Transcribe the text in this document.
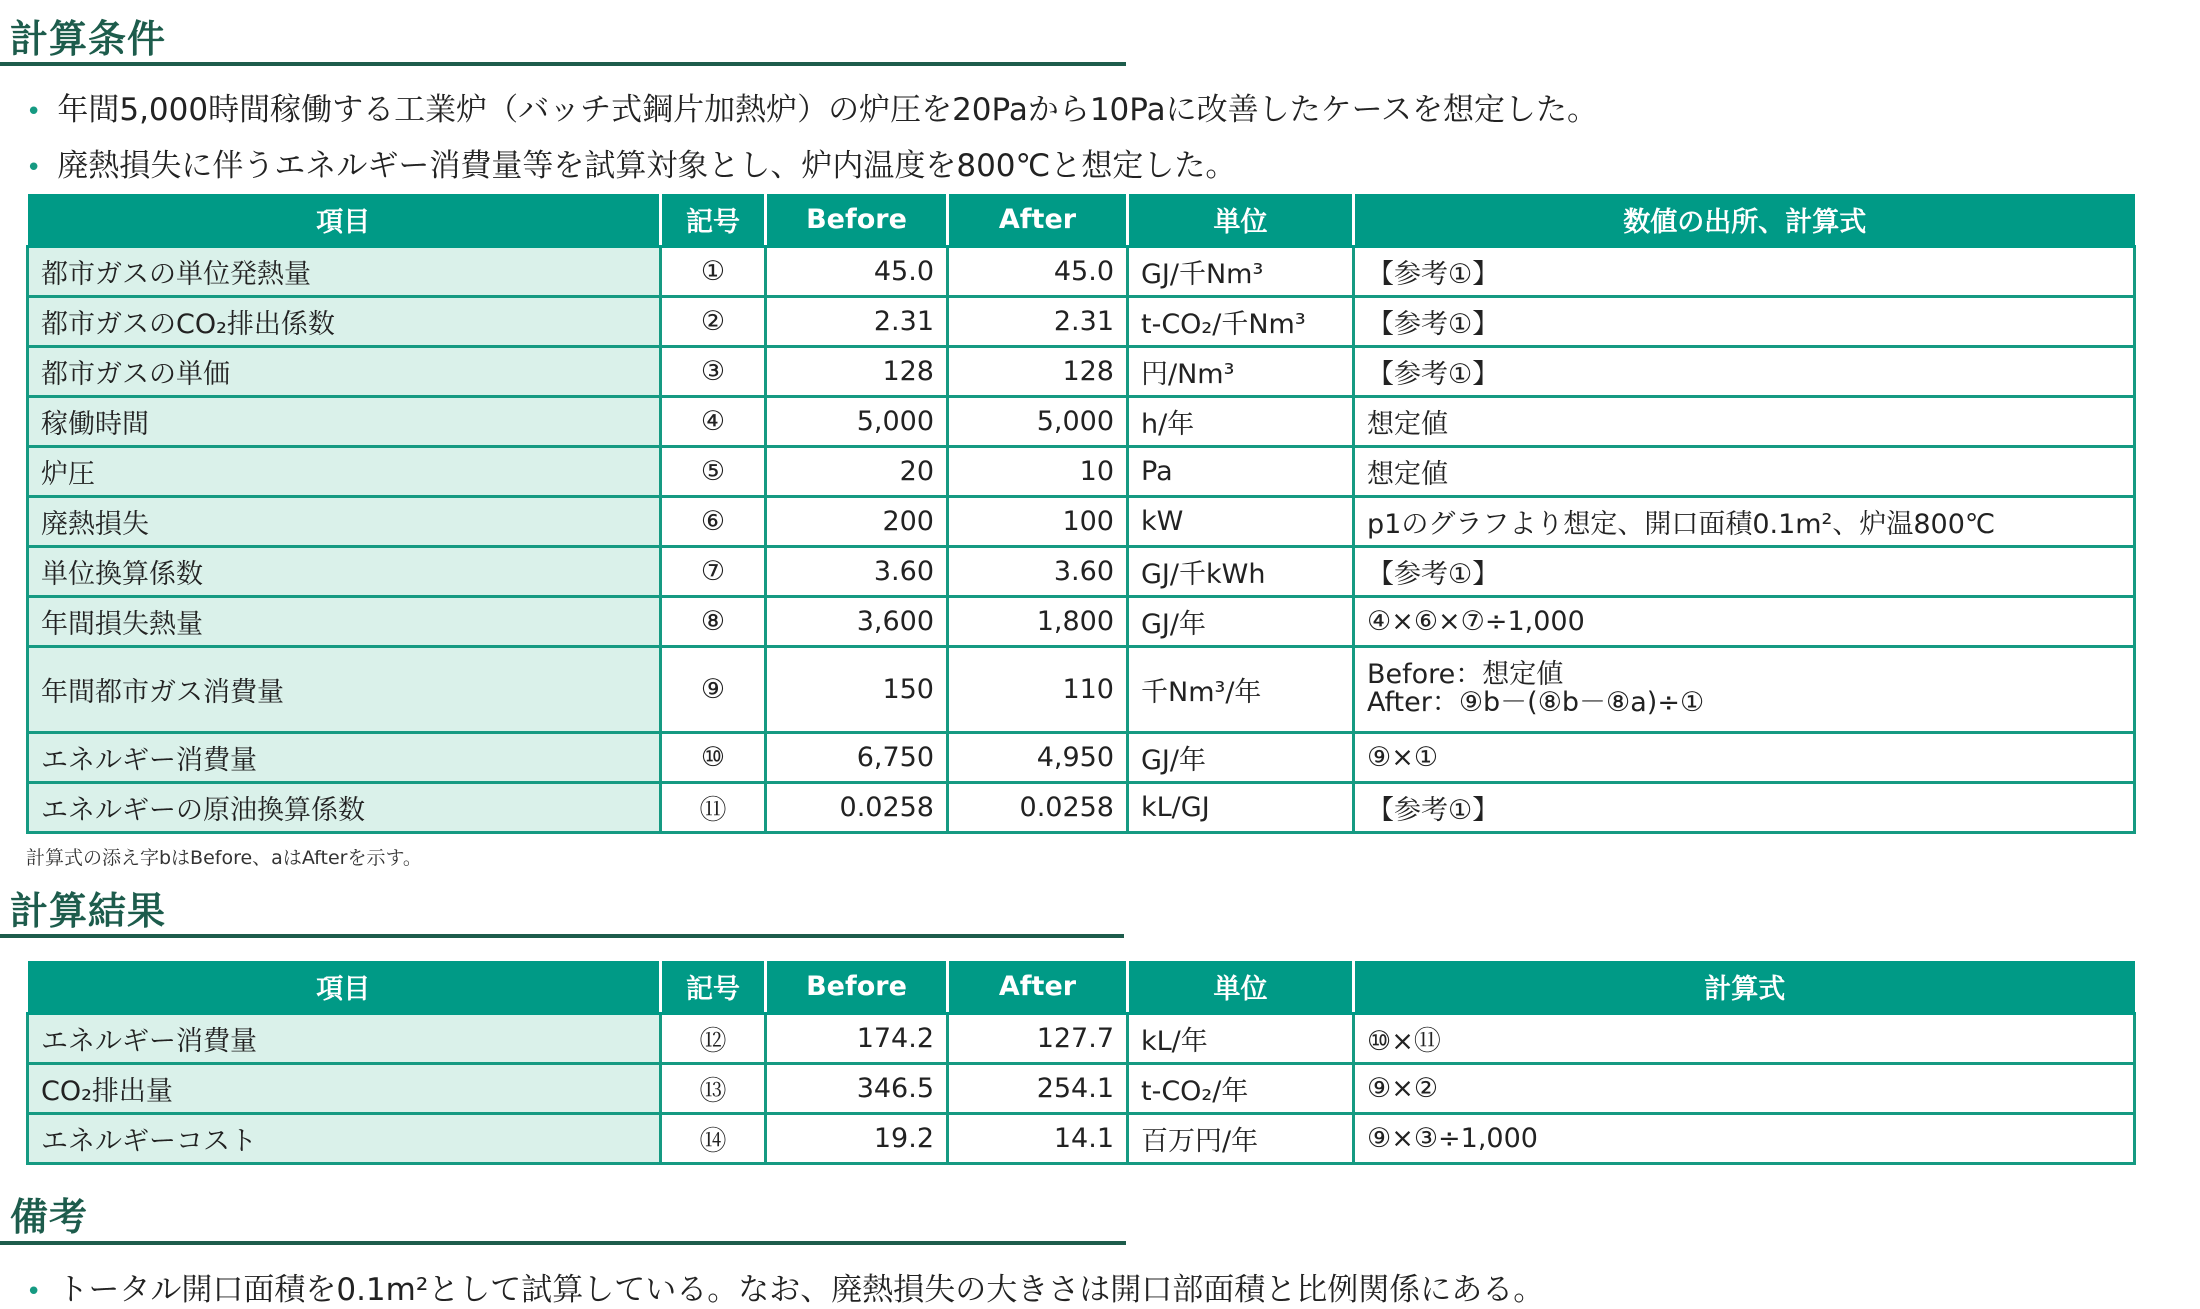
計算条件
• 年間5,000時間稼働する工業炉（バッチ式鋼片加熱炉）の炉圧を20Paから10Paに改善したケースを想定した。
• 廃熱損失に伴うエネルギー消費量等を試算対象とし、炉内温度を800℃と想定した。
項目	記号	Before	After	単位	数値の出所、計算式
都市ガスの単位発熱量	①	45.0	45.0	GJ/千Nm³	【参考①】
都市ガスのCO₂排出係数	②	2.31	2.31	t-CO₂/千Nm³	【参考①】
都市ガスの単価	③	128	128	円/Nm³	【参考①】
稼働時間	④	5,000	5,000	h/年	想定値
炉圧	⑤	20	10	Pa	想定値
廃熱損失	⑥	200	100	kW	p1のグラフより想定、開口面積0.1m²、炉温800℃
単位換算係数	⑦	3.60	3.60	GJ/千kWh	【参考①】
年間損失熱量	⑧	3,600	1,800	GJ/年	④×⑥×⑦÷1,000
年間都市ガス消費量	⑨	150	110	千Nm³/年	Before：想定値
After：⑨b－(⑧b－⑧a)÷①

エネルギー消費量	⑩	6,750	4,950	GJ/年	⑨×①
エネルギーの原油換算係数	⑪	0.0258	0.0258	kL/GJ	【参考①】
計算式の添え字bはBefore、aはAfterを示す。
計算結果
項目	記号	Before	After	単位	計算式
エネルギー消費量	⑫	174.2	127.7	kL/年	⑩×⑪
CO₂排出量	⑬	346.5	254.1	t-CO₂/年	⑨×②
エネルギーコスト	⑭	19.2	14.1	百万円/年	⑨×③÷1,000
備考
• トータル開口面積を0.1m²として試算している。なお、廃熱損失の大きさは開口部面積と比例関係にある。
